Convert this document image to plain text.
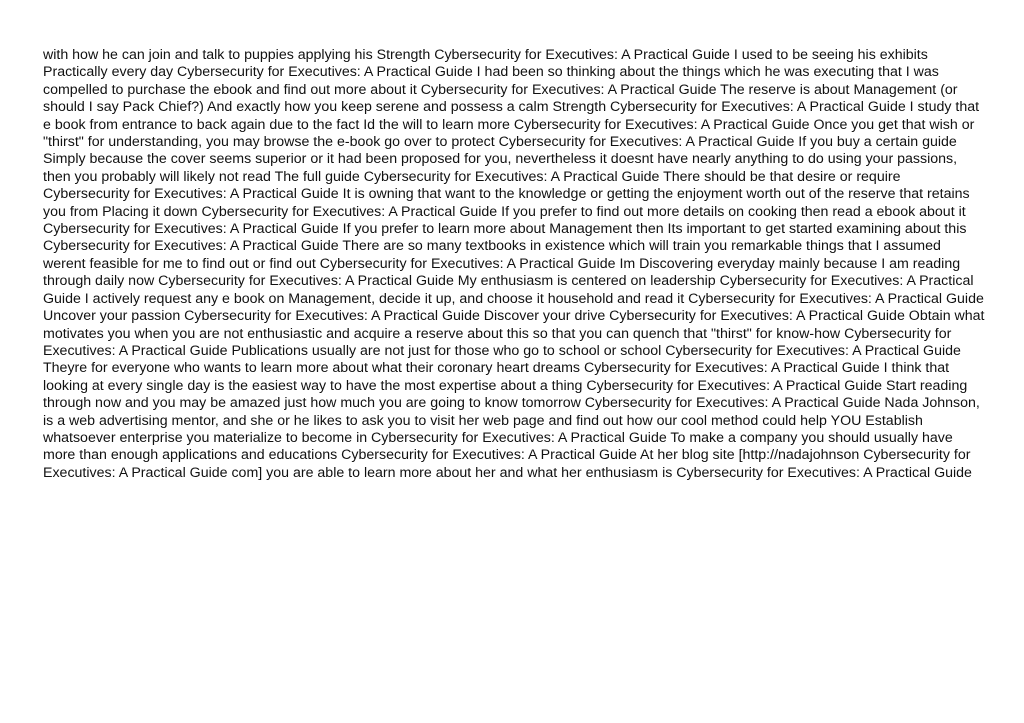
with how he can join and talk to puppies applying his Strength Cybersecurity for Executives: A Practical Guide I used to be seeing his exhibits Practically every day Cybersecurity for Executives: A Practical Guide I had been so thinking about the things which he was executing that I was compelled to purchase the ebook and find out more about it Cybersecurity for Executives: A Practical Guide The reserve is about Management (or should I say Pack Chief?) And exactly how you keep serene and possess a calm Strength Cybersecurity for Executives: A Practical Guide I study that e book from entrance to back again due to the fact Id the will to learn more Cybersecurity for Executives: A Practical Guide Once you get that wish or "thirst" for understanding, you may browse the e-book go over to protect Cybersecurity for Executives: A Practical Guide If you buy a certain guide Simply because the cover seems superior or it had been proposed for you, nevertheless it doesnt have nearly anything to do using your passions, then you probably will likely not read The full guide Cybersecurity for Executives: A Practical Guide There should be that desire or require Cybersecurity for Executives: A Practical Guide It is owning that want to the knowledge or getting the enjoyment worth out of the reserve that retains you from Placing it down Cybersecurity for Executives: A Practical Guide If you prefer to find out more details on cooking then read a ebook about it Cybersecurity for Executives: A Practical Guide If you prefer to learn more about Management then Its important to get started examining about this Cybersecurity for Executives: A Practical Guide There are so many textbooks in existence which will train you remarkable things that I assumed werent feasible for me to find out or find out Cybersecurity for Executives: A Practical Guide Im Discovering everyday mainly because I am reading through daily now Cybersecurity for Executives: A Practical Guide My enthusiasm is centered on leadership Cybersecurity for Executives: A Practical Guide I actively request any e book on Management, decide it up, and choose it household and read it Cybersecurity for Executives: A Practical Guide Uncover your passion Cybersecurity for Executives: A Practical Guide Discover your drive Cybersecurity for Executives: A Practical Guide Obtain what motivates you when you are not enthusiastic and acquire a reserve about this so that you can quench that "thirst" for know-how Cybersecurity for Executives: A Practical Guide Publications usually are not just for those who go to school or school Cybersecurity for Executives: A Practical Guide Theyre for everyone who wants to learn more about what their coronary heart dreams Cybersecurity for Executives: A Practical Guide I think that looking at every single day is the easiest way to have the most expertise about a thing Cybersecurity for Executives: A Practical Guide Start reading through now and you may be amazed just how much you are going to know tomorrow Cybersecurity for Executives: A Practical Guide Nada Johnson, is a web advertising mentor, and she or he likes to ask you to visit her web page and find out how our cool method could help YOU Establish whatsoever enterprise you materialize to become in Cybersecurity for Executives: A Practical Guide To make a company you should usually have more than enough applications and educations Cybersecurity for Executives: A Practical Guide At her blog site [http://nadajohnson Cybersecurity for Executives: A Practical Guide com] you are able to learn more about her and what her enthusiasm is Cybersecurity for Executives: A Practical Guide
